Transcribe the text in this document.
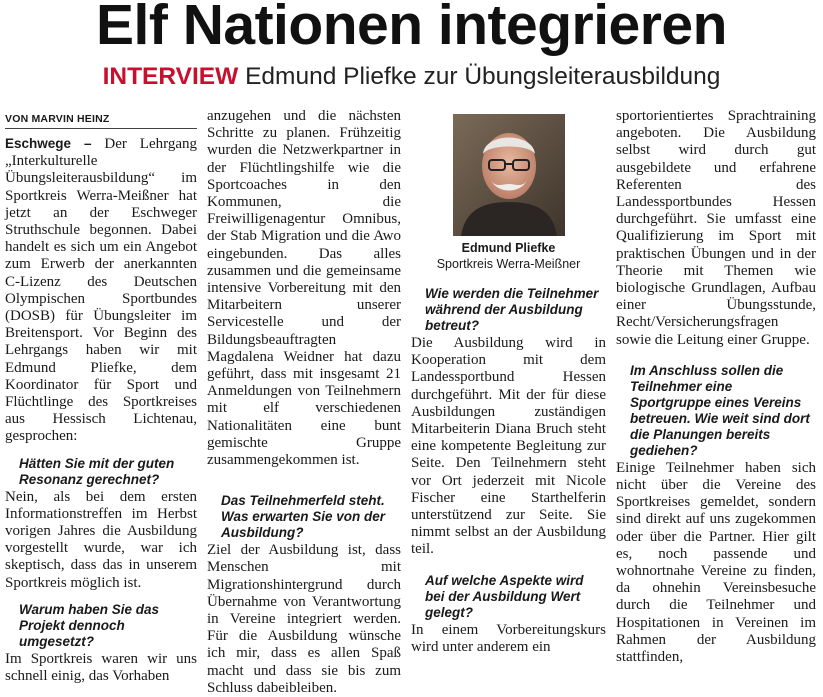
Elf Nationen integrieren
INTERVIEW Edmund Pliefke zur Übungsleiterausbildung
VON MARVIN HEINZ

Eschwege – Der Lehrgang „Interkulturelle Übungsleiterausbildung“ im Sportkreis Werra-Meißner hat jetzt an der Eschweger Struthschule begonnen. Dabei handelt es sich um ein Angebot zum Erwerb der anerkannten C-Lizenz des Deutschen Olympischen Sportbundes (DOSB) für Übungsleiter im Breitensport. Vor Beginn des Lehrgangs haben wir mit Edmund Pliefke, dem Koordinator für Sport und Flüchtlinge des Sportkreises aus Hessisch Lichtenau, gesprochen:

Hätten Sie mit der guten Resonanz gerechnet?

Nein, als bei dem ersten Informationstreffen im Herbst vorigen Jahres die Ausbildung vorgestellt wurde, war ich skeptisch, dass das in unserem Sportkreis möglich ist.

Warum haben Sie das Projekt dennoch umgesetzt?

Im Sportkreis waren wir uns schnell einig, das Vorhaben

anzugehen und die nächsten Schritte zu planen. Frühzeitig wurden die Netzwerkpartner in der Flüchtlingshilfe wie die Sportcoaches in den Kommunen, die Freiwilligenagentur Omnibus, der Stab Migration und die Awo eingebunden. Das alles zusammen und die gemeinsame intensive Vorbereitung mit den Mitarbeitern unserer Servicestelle und der Bildungsbeauftragten Magdalena Weidner hat dazu geführt, dass mit insgesamt 21 Anmeldungen von Teilnehmern mit elf verschiedenen Nationalitäten eine bunt gemischte Gruppe zusammengekommen ist.

Das Teilnehmerfeld steht. Was erwarten Sie von der Ausbildung?

Ziel der Ausbildung ist, dass Menschen mit Migrationshintergrund durch Übernahme von Verantwortung in Vereine integriert werden. Für die Ausbildung wünsche ich mir, dass es allen Spaß macht und dass sie bis zum Schluss dabeibleiben.

Edmund Pliefke
Sportkreis Werra-Meißner

Wie werden die Teilnehmer während der Ausbildung betreut?

Die Ausbildung wird in Kooperation mit dem Landessportbund Hessen durchgeführt. Mit der für diese Ausbildungen zuständigen Mitarbeiterin Diana Bruch steht eine kompetente Begleitung zur Seite. Den Teilnehmern steht vor Ort jederzeit mit Nicole Fischer eine Starthelferin unterstützend zur Seite. Sie nimmt selbst an der Ausbildung teil.

Auf welche Aspekte wird bei der Ausbildung Wert gelegt?

In einem Vorbereitungskurs wird unter anderem ein

sportorientiertes Sprachtraining angeboten. Die Ausbildung selbst wird durch gut ausgebildete und erfahrene Referenten des Landessportbundes Hessen durchgeführt. Sie umfasst eine Qualifizierung im Sport mit praktischen Übungen und in der Theorie mit Themen wie biologische Grundlagen, Aufbau einer Übungsstunde, Recht/Versicherungsfragen sowie die Leitung einer Gruppe.

Im Anschluss sollen die Teilnehmer eine Sportgruppe eines Vereins betreuen. Wie weit sind dort die Planungen bereits gediehen?

Einige Teilnehmer haben sich nicht über die Vereine des Sportkreises gemeldet, sondern sind direkt auf uns zugekommen oder über die Partner. Hier gilt es, noch passende und wohnortnahe Vereine zu finden, da ohnehin Vereinsbesuche durch die Teilnehmer und Hospitationen in Vereinen im Rahmen der Ausbildung stattfinden,
